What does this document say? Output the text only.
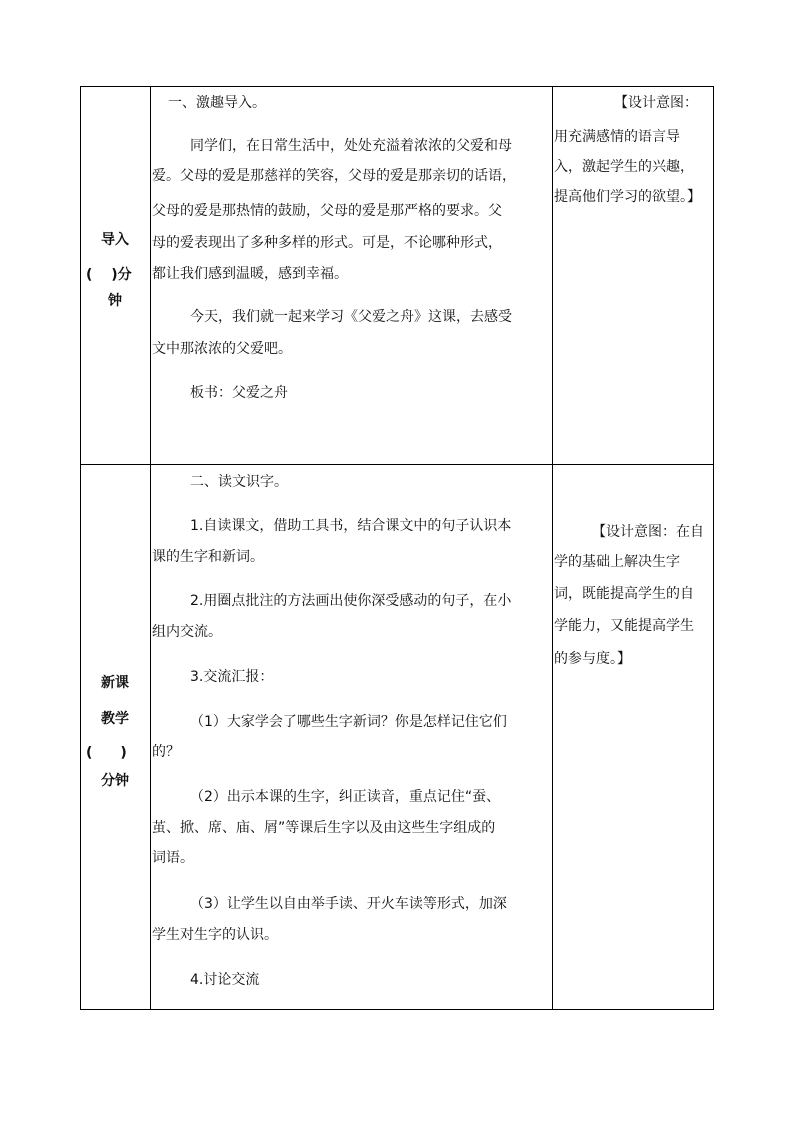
导入
(　 )分
钟

一、激趣导入。

同学们，在日常生活中，处处充溢着浓浓的父爱和母

爱。父母的爱是那慈祥的笑容，父母的爱是那亲切的话语，

父母的爱是那热情的鼓励，父母的爱是那严格的要求。父

母的爱表现出了多种多样的形式。可是，不论哪种形式，

都让我们感到温暖，感到幸福。

今天，我们就一起来学习《父爱之舟》这课，去感受

文中那浓浓的父爱吧。

板书：父爱之舟

【设计意图：

用充满感情的语言导

入，激起学生的兴趣，

提高他们学习的欲望。】

新课
教学
(　　)
分钟

二、读文识字。

1.自读课文，借助工具书，结合课文中的句子认识本

课的生字和新词。

2.用圈点批注的方法画出使你深受感动的句子，在小

组内交流。

3.交流汇报：

（1）大家学会了哪些生字新词？你是怎样记住它们

的？

（2）出示本课的生字，纠正读音，重点记住“蚕、

茧、掀、席、庙、屑”等课后生字以及由这些生字组成的

词语。

（3）让学生以自由举手读、开火车读等形式，加深

学生对生字的认识。

4.讨论交流

【设计意图：在自

学的基础上解决生字

词，既能提高学生的自

学能力，又能提高学生

的参与度。】
